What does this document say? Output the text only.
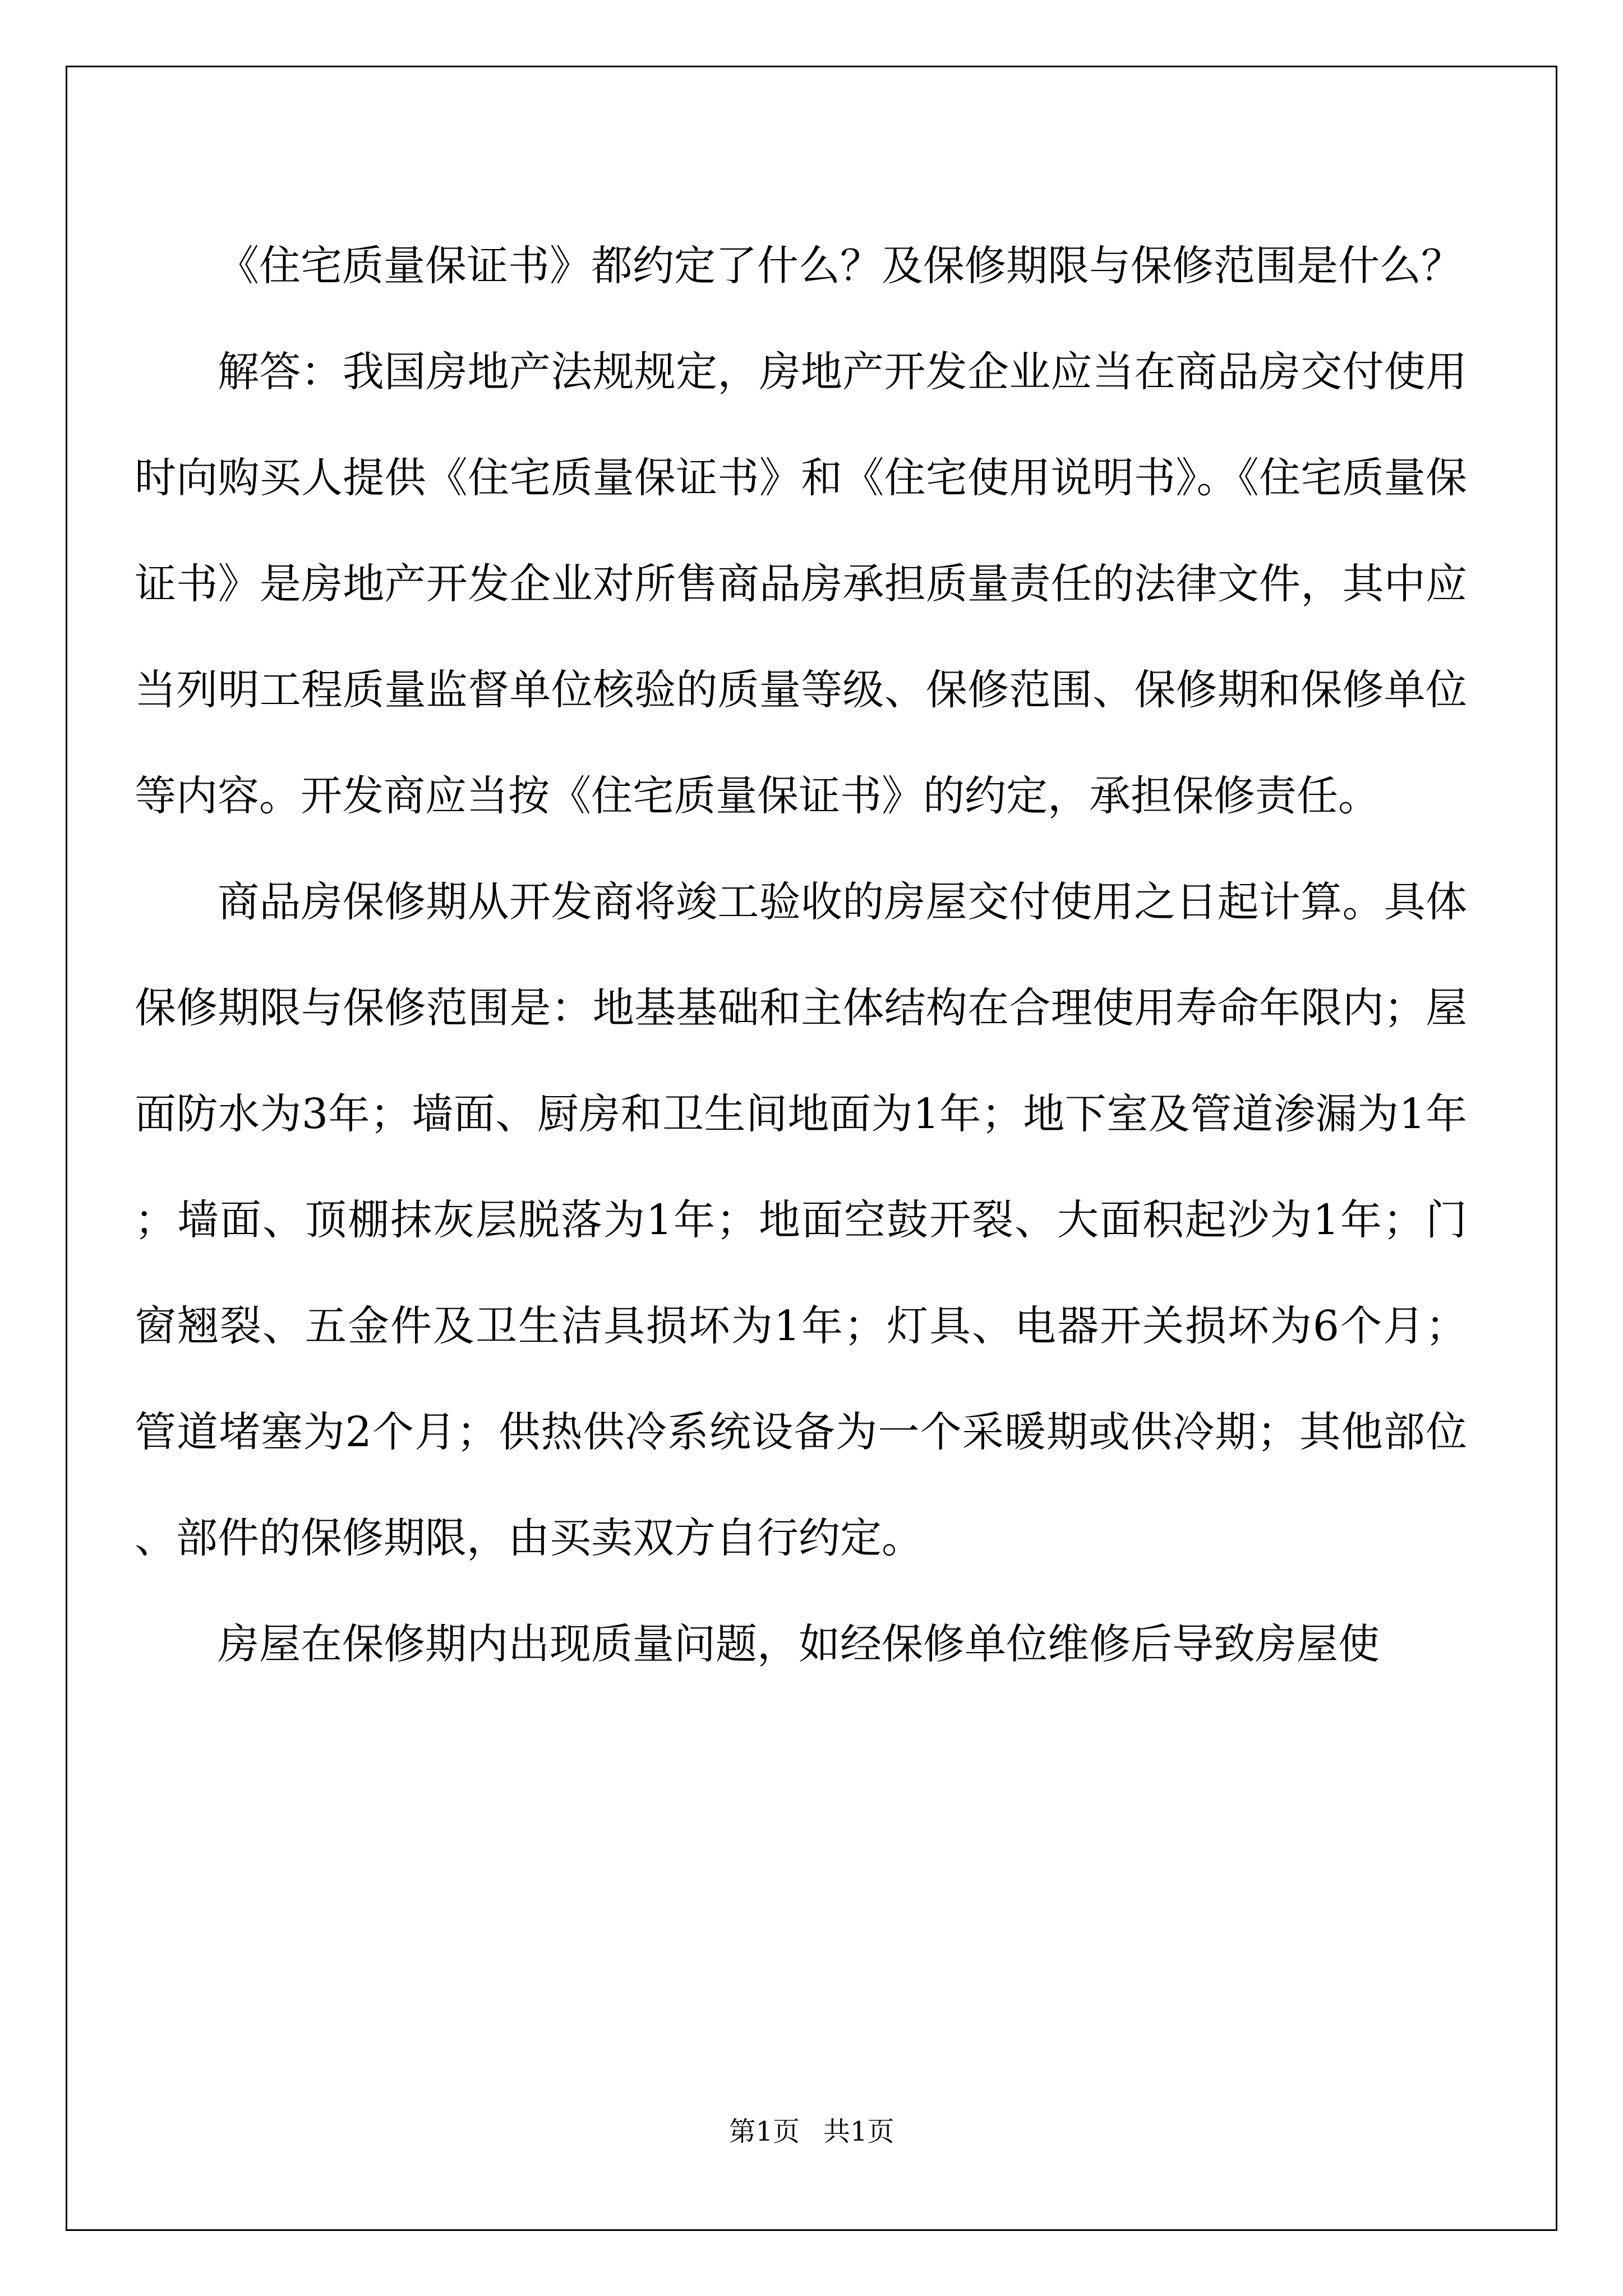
《住宅质量保证书》都约定了什么？及保修期限与保修范围是什么？

解答：我国房地产法规规定，房地产开发企业应当在商品房交付使用时向购买人提供《住宅质量保证书》和《住宅使用说明书》。《住宅质量保证书》是房地产开发企业对所售商品房承担质量责任的法律文件，其中应当列明工程质量监督单位核验的质量等级、保修范围、保修期和保修单位等内容。开发商应当按《住宅质量保证书》的约定，承担保修责任。

商品房保修期从开发商将竣工验收的房屋交付使用之日起计算。具体保修期限与保修范围是：地基基础和主体结构在合理使用寿命年限内；屋面防水为3年；墙面、厨房和卫生间地面为1年；地下室及管道渗漏为1年；墙面、顶棚抹灰层脱落为1年；地面空鼓开裂、大面积起沙为1年；门窗翘裂、五金件及卫生洁具损坏为1年；灯具、电器开关损坏为6个月；管道堵塞为2个月；供热供冷系统设备为一个采暖期或供冷期；其他部位、部件的保修期限，由买卖双方自行约定。

房屋在保修期内出现质量问题，如经保修单位维修后导致房屋使

第1页 共1页
